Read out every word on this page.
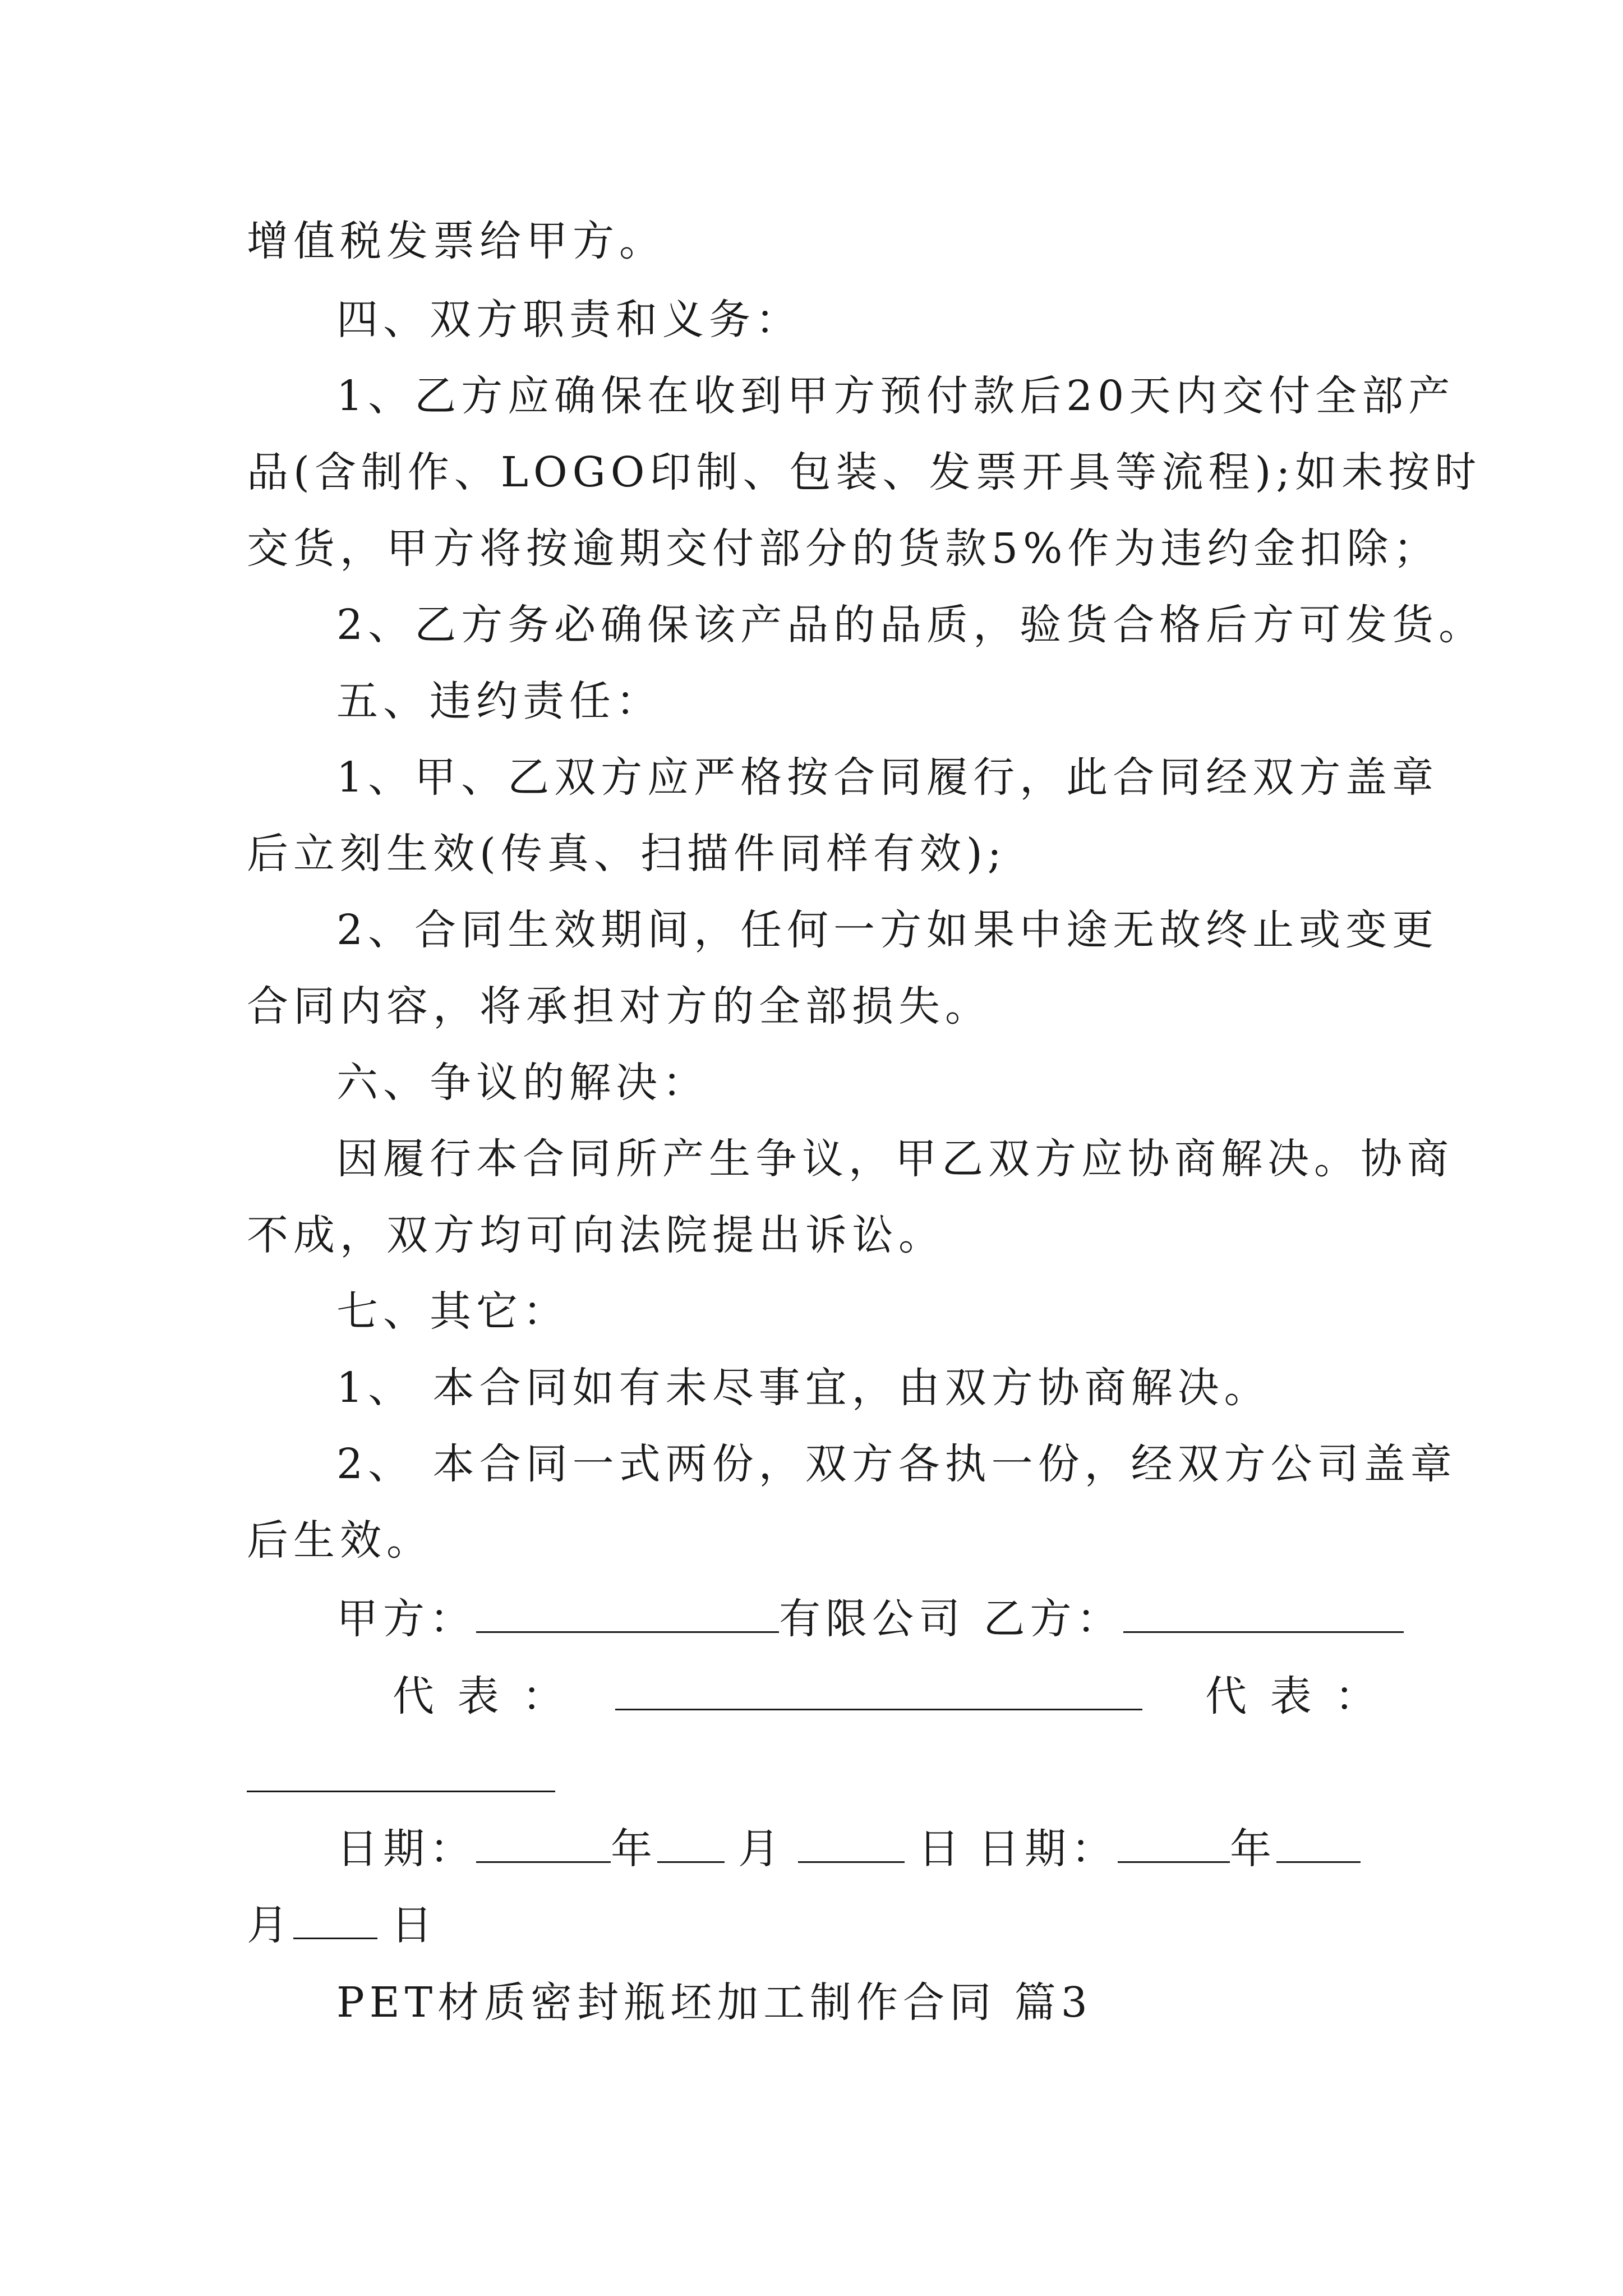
增值税发票给甲方。
四、双方职责和义务：
1、乙方应确保在收到甲方预付款后20天内交付全部产
品(含制作、LOGO印制、包装、发票开具等流程);如未按时
交货，甲方将按逾期交付部分的货款5%作为违约金扣除；
2、乙方务必确保该产品的品质，验货合格后方可发货。
五、违约责任：
1、甲、乙双方应严格按合同履行，此合同经双方盖章
后立刻生效(传真、扫描件同样有效);
2、合同生效期间，任何一方如果中途无故终止或变更
合同内容，将承担对方的全部损失。
六、争议的解决：
因履行本合同所产生争议，甲乙双方应协商解决。协商
不成，双方均可向法院提出诉讼。
七、其它：
1、 本合同如有未尽事宜，由双方协商解决。
2、 本合同一式两份，双方各执一份，经双方公司盖章
后生效。
甲方：	有限公司 乙方：
代 表 ：	代 表 ：
日期：	年 月	日 日期：	年
月 日
PET材质密封瓶坯加工制作合同 篇3
